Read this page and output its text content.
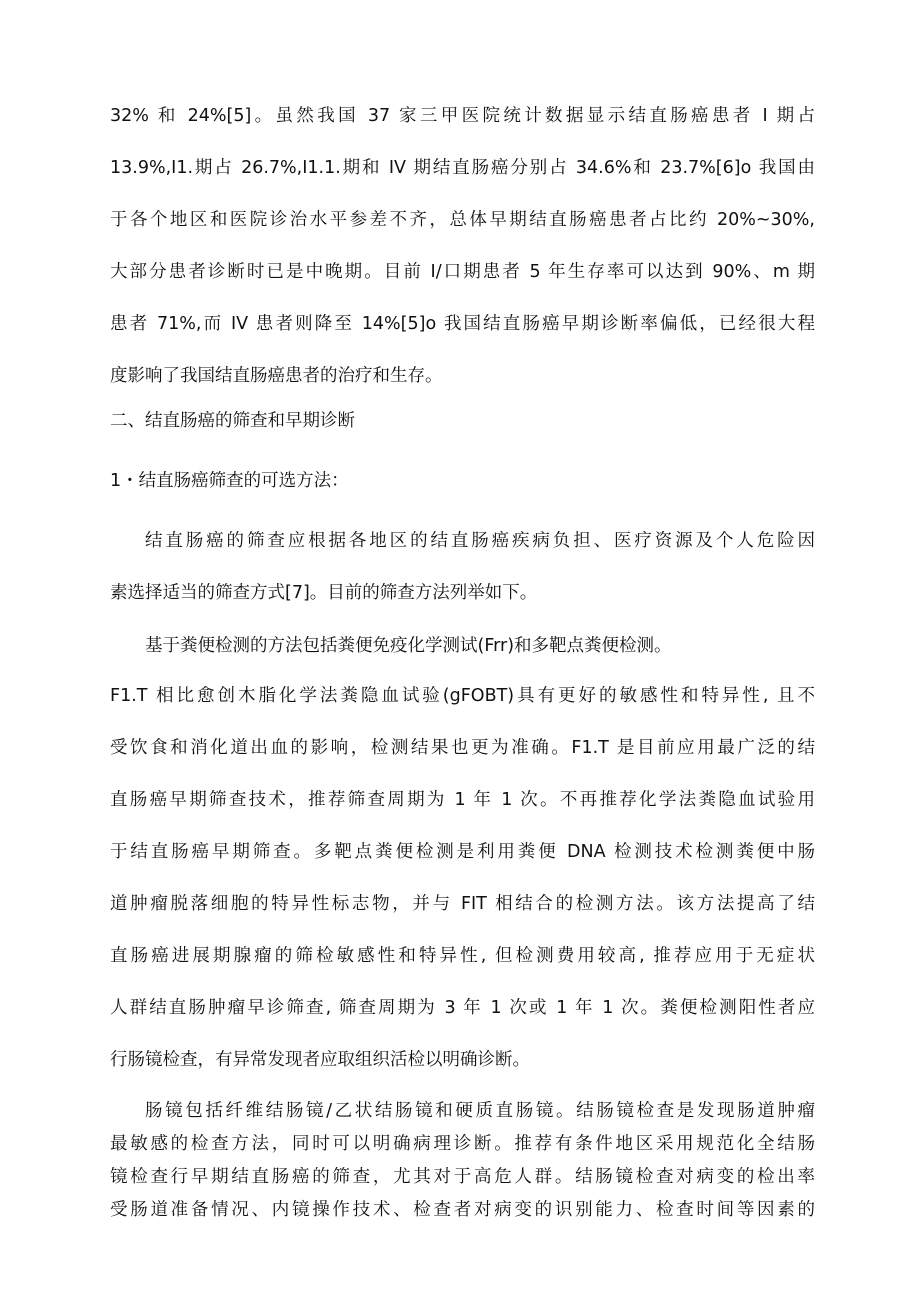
32% 和 24%[5]。虽然我国 37 家三甲医院统计数据显示结直肠癌患者 I 期占
13.9%,I1.期占 26.7%,I1.1.期和 IV 期结直肠癌分别占 34.6%和 23.7%[6]o 我国由
于各个地区和医院诊治水平参差不齐，总体早期结直肠癌患者占比约 20%~30%,
大部分患者诊断时已是中晚期。目前 I/口期患者 5 年生存率可以达到 90%、m 期
患者 71%,而 IV 患者则降至 14%[5]o 我国结直肠癌早期诊断率偏低，已经很大程
度影响了我国结直肠癌患者的治疗和生存。
二、结直肠癌的筛查和早期诊断
1・结直肠癌筛查的可选方法：
结直肠癌的筛查应根据各地区的结直肠癌疾病负担、医疗资源及个人危险因
素选择适当的筛查方式[7]。目前的筛查方法列举如下。
基于粪便检测的方法包括粪便免疫化学测试(Frr)和多靶点粪便检测。
F1.T 相比愈创木脂化学法粪隐血试验(gFOBT)具有更好的敏感性和特异性, 且不
受饮食和消化道出血的影响，检测结果也更为准确。F1.T 是目前应用最广泛的结
直肠癌早期筛查技术，推荐筛查周期为 1 年 1 次。不再推荐化学法粪隐血试验用
于结直肠癌早期筛查。多靶点粪便检测是利用粪便 DNA 检测技术检测粪便中肠
道肿瘤脱落细胞的特异性标志物，并与 FIT 相结合的检测方法。该方法提高了结
直肠癌进展期腺瘤的筛检敏感性和特异性, 但检测费用较高, 推荐应用于无症状
人群结直肠肿瘤早诊筛查, 筛查周期为 3 年 1 次或 1 年 1 次。粪便检测阳性者应
行肠镜检查，有异常发现者应取组织活检以明确诊断。
肠镜包括纤维结肠镜/乙状结肠镜和硬质直肠镜。结肠镜检查是发现肠道肿瘤
最敏感的检查方法，同时可以明确病理诊断。推荐有条件地区采用规范化全结肠
镜检查行早期结直肠癌的筛查，尤其对于高危人群。结肠镜检查对病变的检出率
受肠道准备情况、内镜操作技术、检查者对病变的识别能力、检查时间等因素的
